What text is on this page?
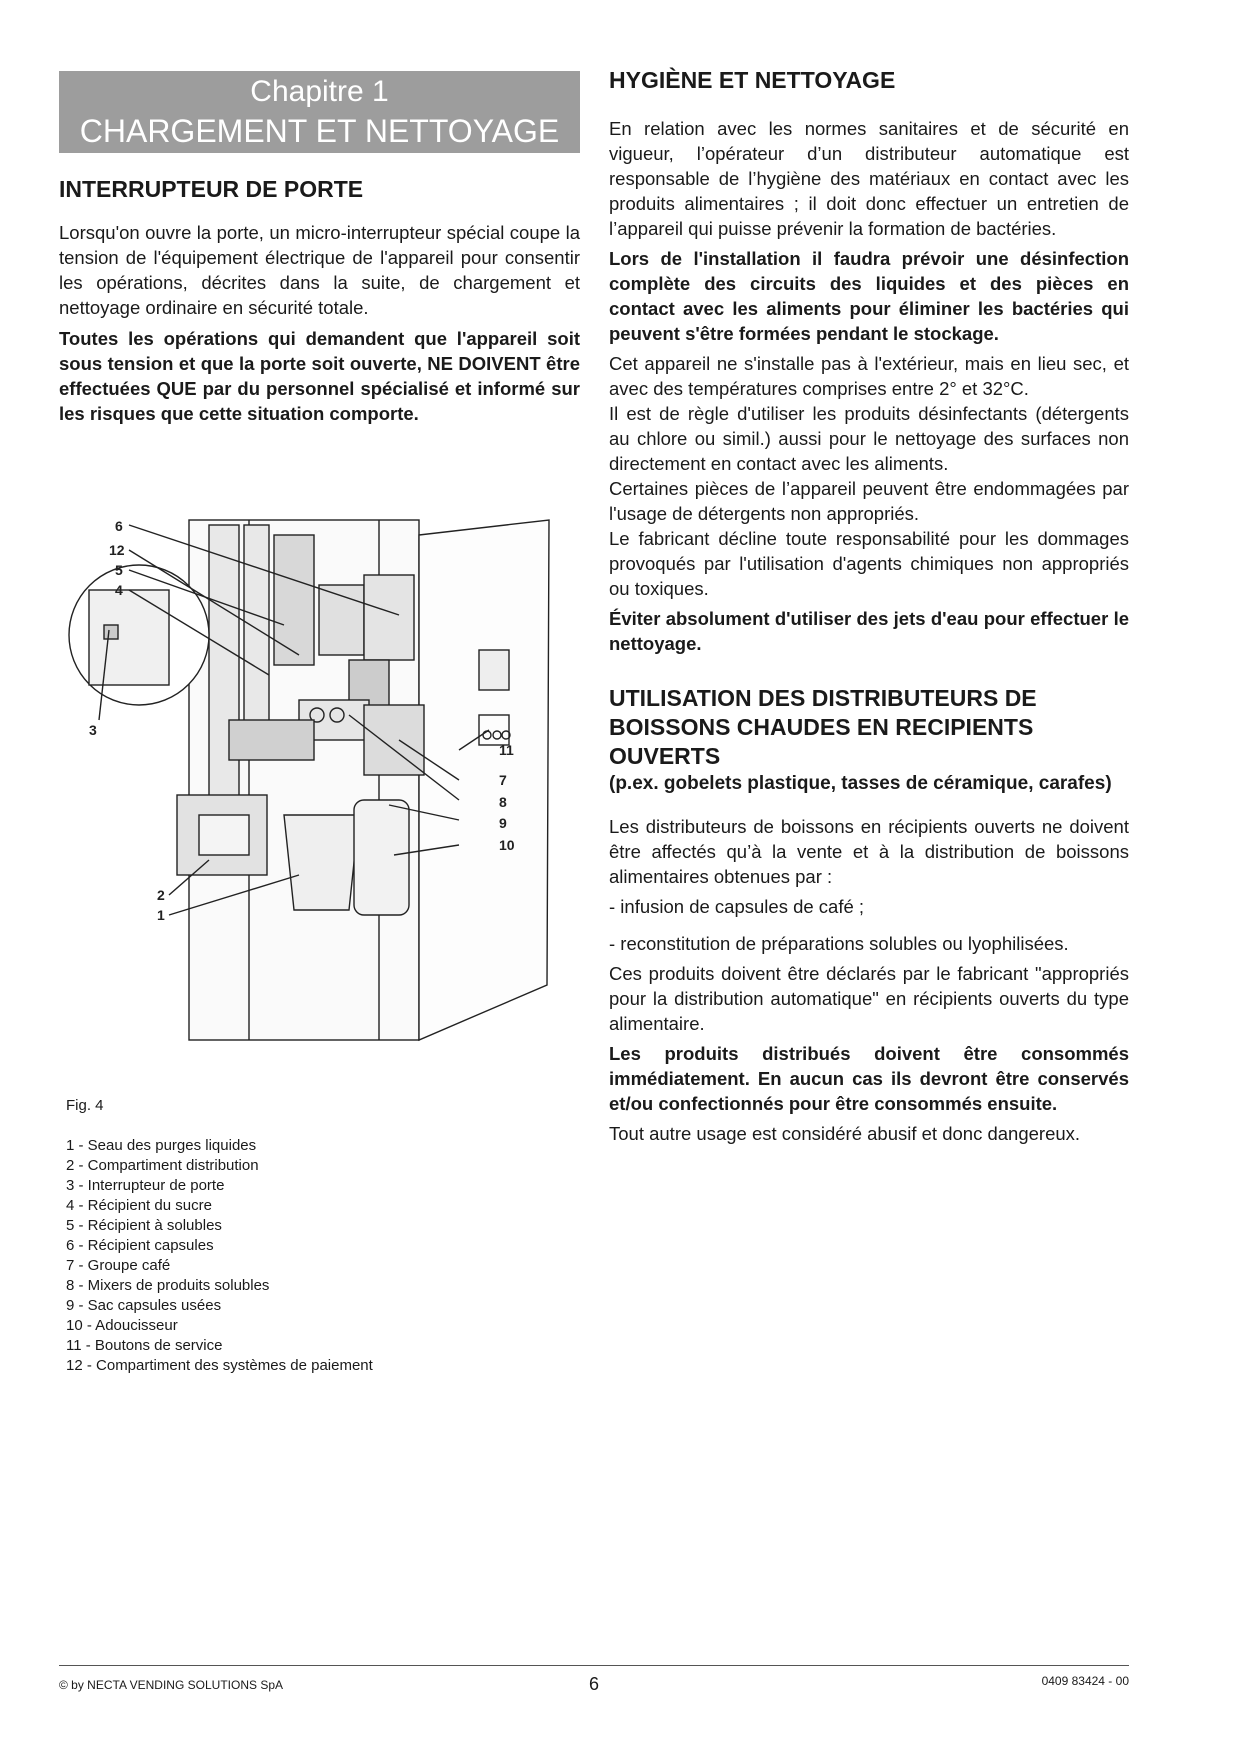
Chapitre 1
CHARGEMENT ET NETTOYAGE
INTERRUPTEUR DE PORTE

Lorsqu'on ouvre la porte, un micro-interrupteur spécial coupe la tension de l'équipement électrique de l'appareil pour consentir les opérations, décrites dans la suite, de chargement et nettoyage ordinaire en sécurité totale.

Toutes les opérations qui demandent que l'appareil soit sous tension et que la porte soit ouverte, NE DOIVENT être effectuées QUE par du personnel spécialisé et informé sur les risques que cette situation comporte.

6
12
5
4
3
11
7
8
9
10
2
1
Fig. 4
1 - Seau des purges liquides
2 - Compartiment distribution
3 - Interrupteur de porte
4 - Récipient du sucre
5 - Récipient à solubles
6 - Récipient capsules
7 - Groupe café
8 - Mixers de produits solubles
9 - Sac capsules usées
10 - Adoucisseur
11 - Boutons de service
12 - Compartiment des systèmes de paiement
HYGIÈNE ET NETTOYAGE

En relation avec les normes sanitaires et de sécurité en vigueur, l’opérateur d’un distributeur automatique est responsable de l’hygiène des matériaux en contact avec les produits alimentaires ; il doit donc effectuer un entretien de l’appareil qui puisse prévenir la formation de bactéries.

Lors de l'installation il faudra prévoir une désinfection complète des circuits des liquides et des pièces en contact avec les aliments pour éliminer les bactéries qui peuvent s'être formées pendant le stockage.

Cet appareil ne s'installe pas à l'extérieur, mais en lieu sec, et avec des températures comprises entre 2° et 32°C.

Il est de règle d'utiliser les produits désinfectants (détergents au chlore ou simil.) aussi pour le nettoyage des surfaces non directement en contact avec les aliments.

Certaines pièces de l’appareil peuvent être endommagées par l'usage de détergents non appropriés.

Le fabricant décline toute responsabilité pour les dommages provoqués par l'utilisation d'agents chimiques non appropriés ou toxiques.

Éviter absolument d'utiliser des jets d'eau pour effectuer le nettoyage.

UTILISATION DES DISTRIBUTEURS DE BOISSONS CHAUDES EN RECIPIENTS OUVERTS
(p.ex. gobelets plastique, tasses de céramique, carafes)

Les distributeurs de boissons en récipients ouverts ne doivent être affectés qu’à la vente et à la distribution de boissons alimentaires obtenues par :

- infusion de capsules de café ;

- reconstitution de préparations solubles ou lyophilisées.

Ces produits doivent être déclarés par le fabricant "appropriés pour la distribution automatique" en récipients ouverts du type alimentaire.

Les produits distribués doivent être consommés immédiatement. En aucun cas ils devront être conservés et/ou confectionnés pour être consommés ensuite.

Tout autre usage est considéré abusif et donc dangereux.

© by NECTA VENDING SOLUTIONS SpA	6	0409 83424 - 00
